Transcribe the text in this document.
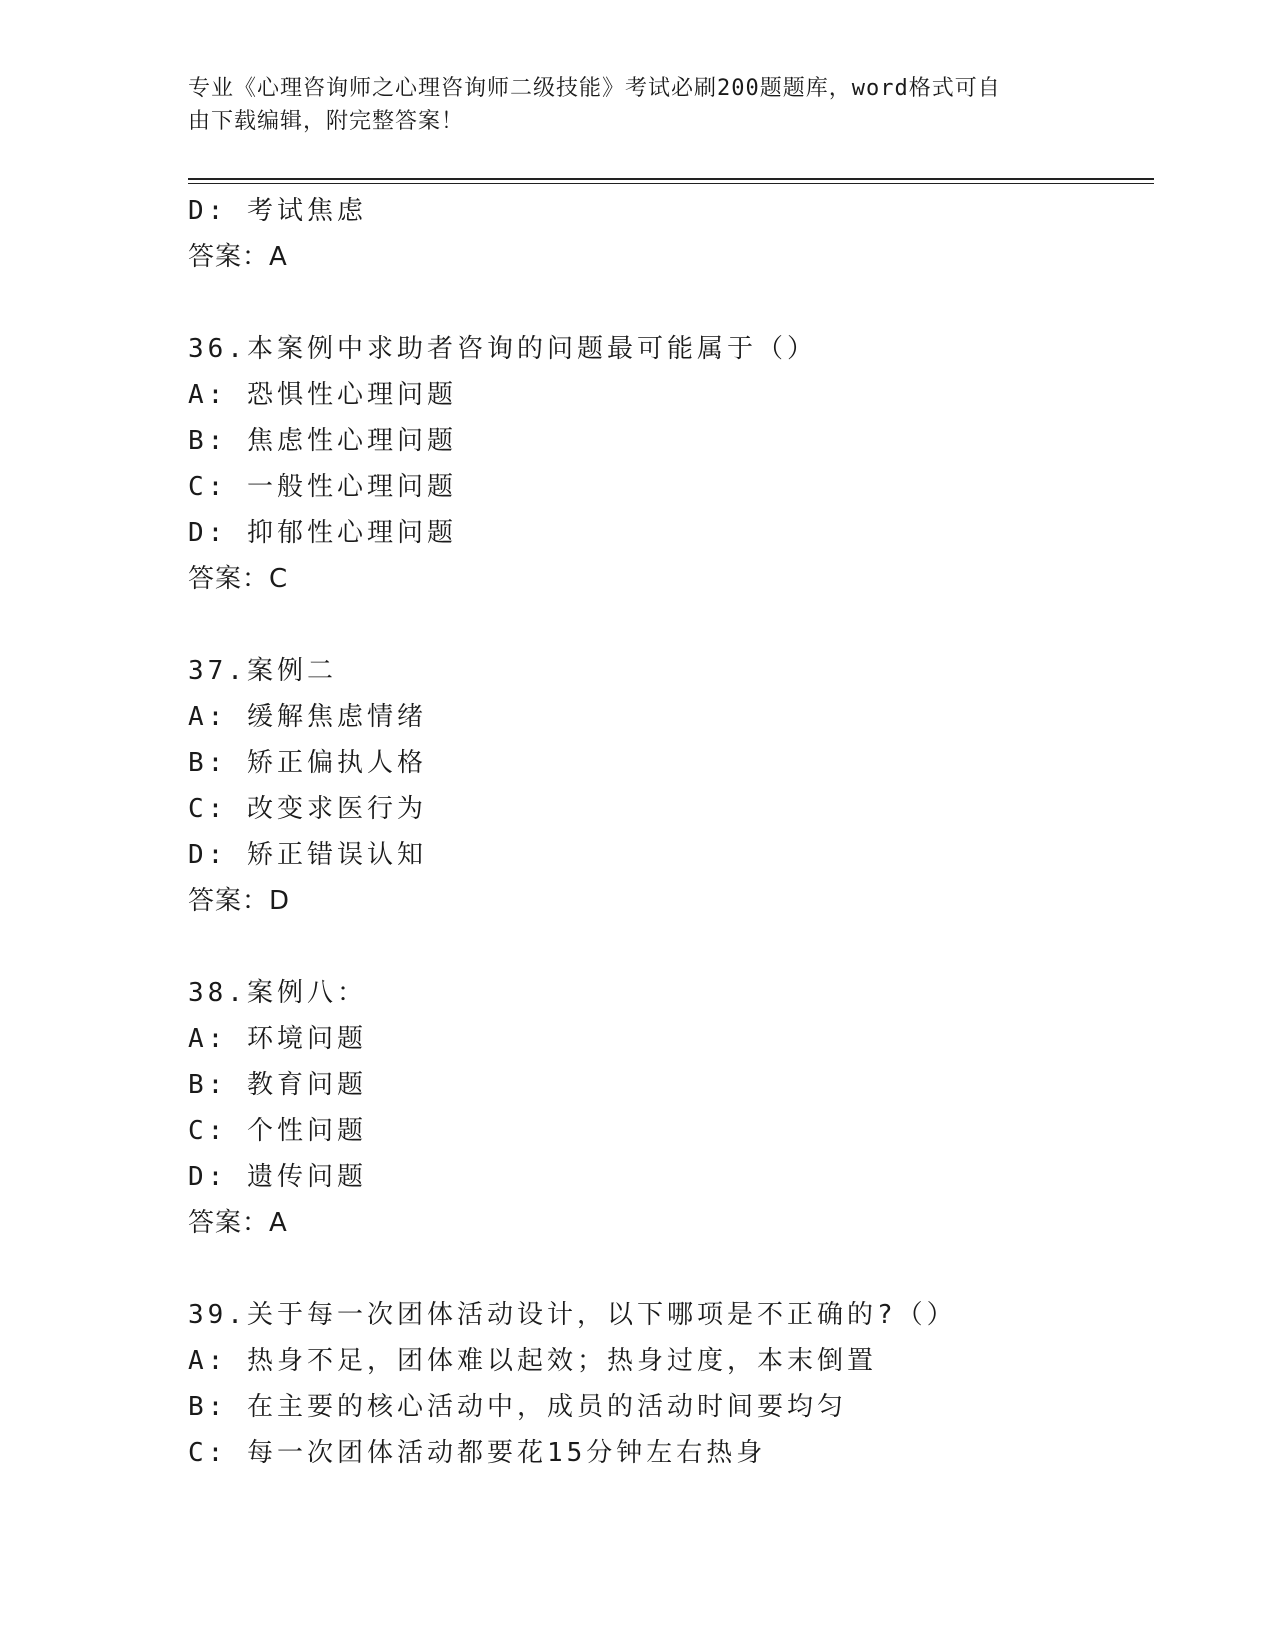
专业《心理咨询师之心理咨询师二级技能》考试必刷200题题库，word格式可自
由下载编辑，附完整答案！
D: 考试焦虑
答案：A
36.本案例中求助者咨询的问题最可能属于（）
A: 恐惧性心理问题
B: 焦虑性心理问题
C: 一般性心理问题
D: 抑郁性心理问题
答案：C
37.案例二
A: 缓解焦虑情绪
B: 矫正偏执人格
C: 改变求医行为
D: 矫正错误认知
答案：D
38.案例八：
A: 环境问题
B: 教育问题
C: 个性问题
D: 遗传问题
答案：A
39.关于每一次团体活动设计，以下哪项是不正确的?（）
A: 热身不足，团体难以起效；热身过度，本末倒置
B: 在主要的核心活动中，成员的活动时间要均匀
C: 每一次团体活动都要花15分钟左右热身
